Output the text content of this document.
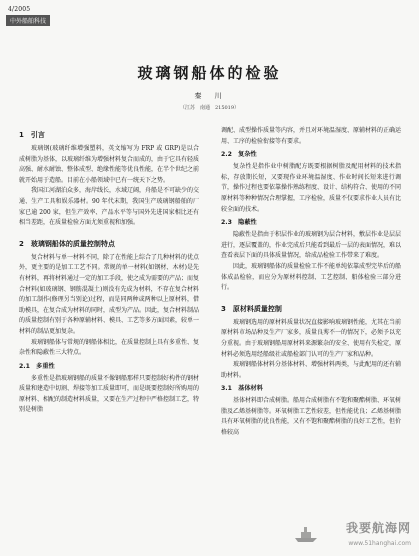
4/2005
中外船舶科技
玻璃钢船体的检验
秦　川
（江苏　南通　215019）
1　引言
玻璃钢(玻璃纤维增强塑料，英文缩写为 FRP 或 GRP)是以合成树脂为基体，以玻璃纤维为增强材料复合而成的，由于它具有轻质高强、耐水耐蚀、整体成型、绝缘性能等优良性能，在半个世纪之前就开始用于造船。目前在小船领域中已有一统天下之势。
我国江河湖泊众多，海岸线长，水域辽阔，舟船是不可缺少的交通、生产工具和娱乐器材。90 年代末期，我国生产玻璃钢船舶的厂家已逾 200 家，但生产效率、产品水平等与国外先进国家相比还有相当差距，在质量检验方面尤须重视和加强。
2　玻璃钢船体的质量控制特点
复合材料与单一材料不同，除了在性能上综合了几种材料的优点外，更主要的是加工工艺不同。常规的单一材料(如钢材、木材)是先有材料，再将材料通过一定的加工手段，使之成为需要的产品；而复合材料(如玻璃钢、钢筋混凝土)则没有先成为材料，不存在复合材料的加工制作(修理另当别论)过程，而是同两种或两种以上原材料，借助模具，在复合成为材料的同时，成型为产品。因此，复合材料制品的质量控制有别于各种原辅材料、模具、工艺等多方面因素，较单一材料的制品更加复杂。
玻璃钢船体与常规的钢船体相比，在质量控制上具有多重性、复杂性和隐蔽性三大特点。
2.1　多重性
多重性是指玻璃钢船的质量不像钢船那样只要控制好构件的钢材质量和建造中切割、焊接等加工质量即可，而是既要控制好所购用的原材料、相配的制造材料质量，又要在生产过程中严格控制工艺，特别是树脂
调配、成型操作质量等内容，并且对环境温湿度、原辅材料的正确运用、工序的检验衔接等有要求。
2.2　复杂性
复杂性是指作业中树脂配方既要根据树脂及配用材料的技术指标，存放期长短，又要现作业环境温湿度、作业时间长短来进行调节，操作过程也要依靠操作熟练程度、设计、结构符合、使用的不同原材料等种种情况合理掌握，工序检验，质量不仅要求作业人员有比较全面的技术。
2.3　隐蔽性
隐蔽性是指由于积层作业的玻璃钢为层合材料，敷层作业是层层进行，逐层覆盖的，作业完成后只能看到最后一层的表面情况，难以查看表层下面的具体质量情况，给成品检验工作带来了难度。
因此，玻璃钢船体的质量检验工作不能单纯依靠成型完毕后的船体成品检验，而应分为原材料控制、工艺控制、船体检验三部分进行。
3　原材料质量控制
玻璃钢选用的原材料质量状况直接影响玻璃钢性能，尤其在当前原材料市场品种及生产厂家多，质量良莠不一的情况下，必须予以充分重视。由于玻璃钢船用原材料来源繁杂的安全、使用有失检定，原材料必须选用经船级社或船检部门认可的生产厂家和品种。
玻璃钢船体材料分基体材料、增强材料两类，与此配用的还有辅助材料。
3.1　基体材料
基体材料即合成树脂。船用合成树脂有不饱和聚酯树脂、环氧树脂及乙烯基树脂等。环氧树脂工艺性较差，但性能优良；乙烯基树脂具有环氧树脂的优良性能，又有不饱和聚酯树脂的良好工艺性，但价格较高
我要航海网
www.51hanghai.com
